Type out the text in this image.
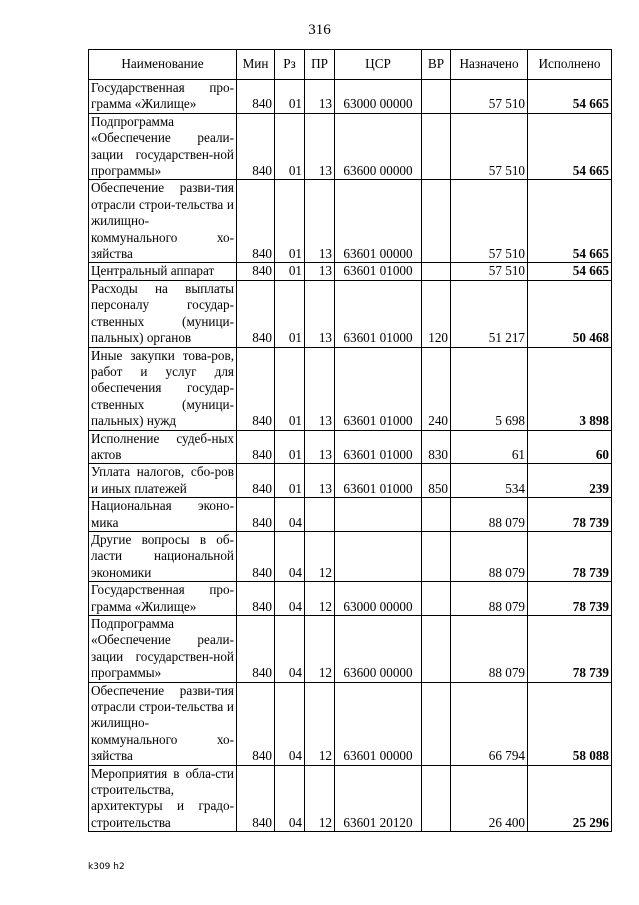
316
Наименование	Мин	Рз	ПР	ЦСР	ВР	Назначено	Исполнено
Государственная про-грамма «Жилище»	840	01	13	63000 00000		57 510	54 665
Подпрограмма «Обеспечение реали-зации государствен-ной программы»	840	01	13	63600 00000		57 510	54 665
Обеспечение разви-тия отрасли строи-тельства и жилищно-коммунального хо-зяйства	840	01	13	63601 00000		57 510	54 665
Центральный аппарат	840	01	13	63601 01000		57 510	54 665
Расходы на выплаты персоналу государ-ственных (муници-пальных) органов	840	01	13	63601 01000	120	51 217	50 468
Иные закупки това-ров, работ и услуг для обеспечения государ-ственных (муници-пальных) нужд	840	01	13	63601 01000	240	5 698	3 898
Исполнение судеб-ных актов	840	01	13	63601 01000	830	61	60
Уплата налогов, сбо-ров и иных платежей	840	01	13	63601 01000	850	534	239
Национальная эконо-мика	840	04				88 079	78 739
Другие вопросы в об-ласти национальной экономики	840	04	12			88 079	78 739
Государственная про-грамма «Жилище»	840	04	12	63000 00000		88 079	78 739
Подпрограмма «Обеспечение реали-зации государствен-ной программы»	840	04	12	63600 00000		88 079	78 739
Обеспечение разви-тия отрасли строи-тельства и жилищно-коммунального хо-зяйства	840	04	12	63601 00000		66 794	58 088
Мероприятия в обла-сти строительства, архитектуры и градо-строительства	840	04	12	63601 20120		26 400	25 296
k309 h2
